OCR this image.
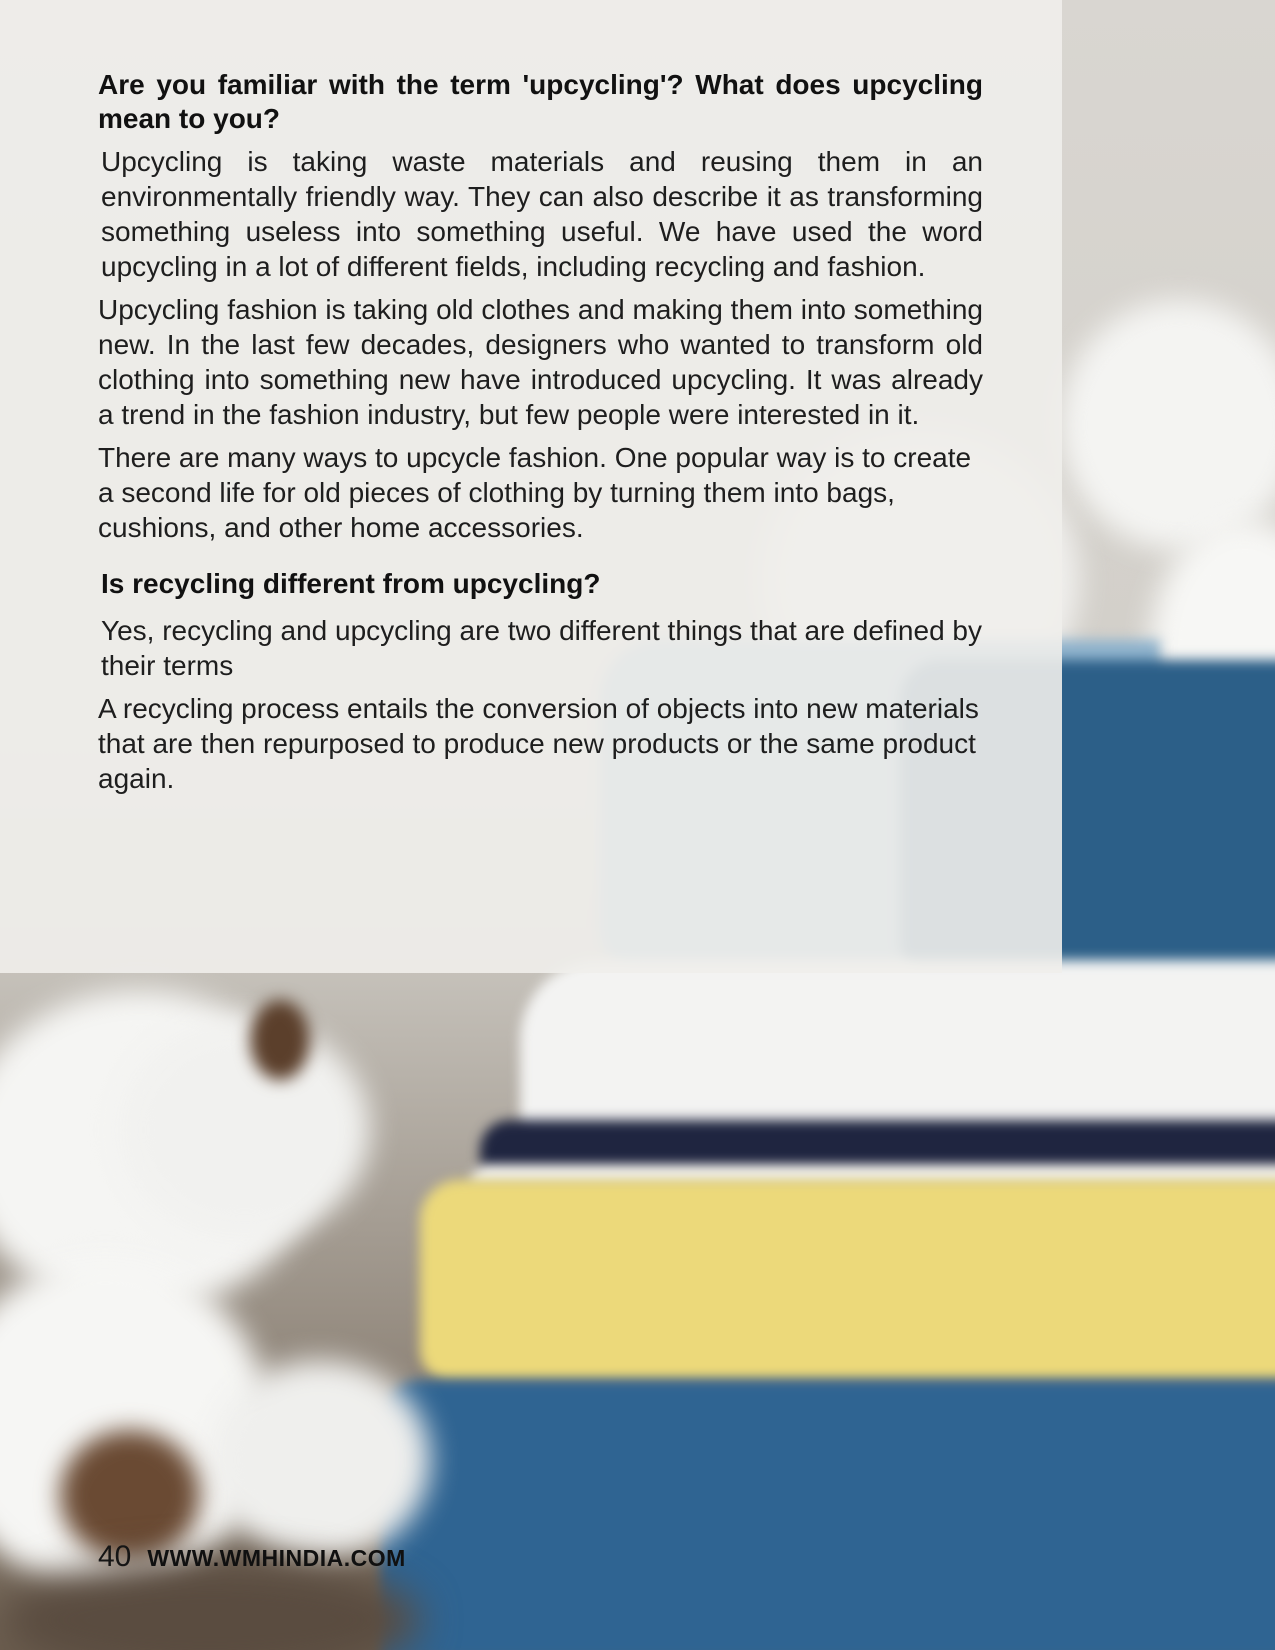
Are you familiar with the term 'upcycling'? What does upcycling mean to you?

Upcycling is taking waste materials and reusing them in an environmentally friendly way. They can also describe it as transforming something useless into something useful. We have used the word upcycling in a lot of different fields, including recycling and fashion.

Upcycling fashion is taking old clothes and making them into something new. In the last few decades, designers who wanted to transform old clothing into something new have introduced upcycling. It was already a trend in the fashion industry, but few people were interested in it.

There are many ways to upcycle fashion. One popular way is to create a second life for old pieces of clothing by turning them into bags, cushions, and other home accessories.

Is recycling different from upcycling?

Yes, recycling and upcycling are two different things that are defined by their terms

A recycling process entails the conversion of objects into new materials that are then repurposed to produce new products or the same product again.

40 WWW.WMHINDIA.COM
